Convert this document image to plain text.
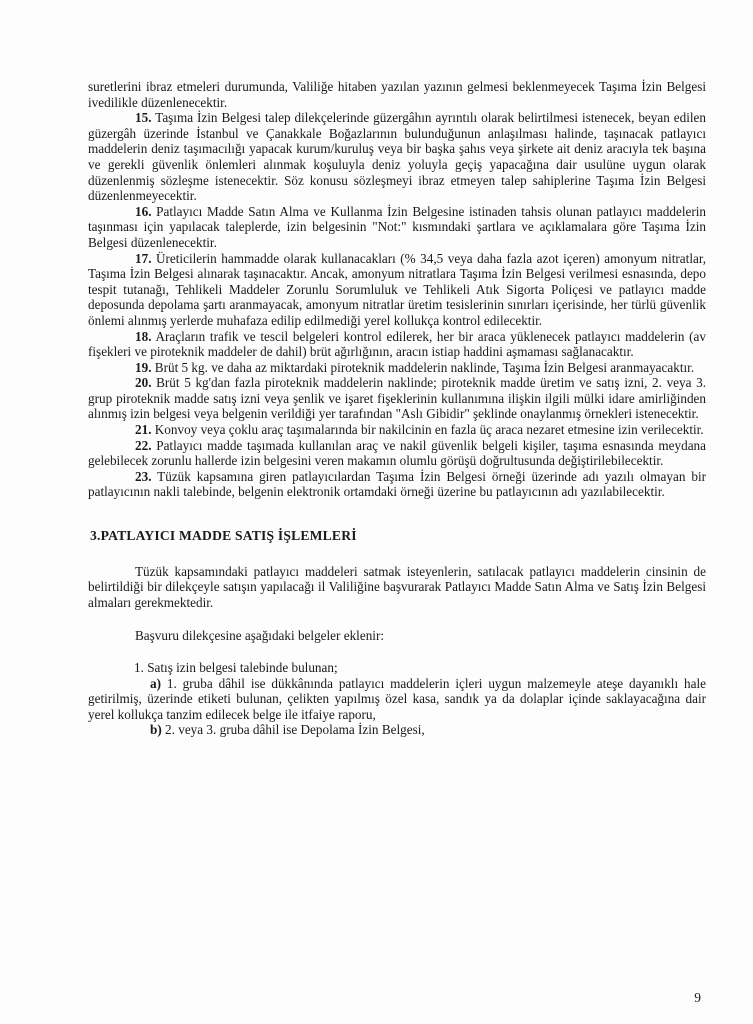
suretlerini ibraz etmeleri durumunda, Valiliğe hitaben yazılan yazının gelmesi beklenmeyecek Taşıma İzin Belgesi ivedilikle düzenlenecektir.

15. Taşıma İzin Belgesi talep dilekçelerinde güzergâhın ayrıntılı olarak belirtilmesi istenecek, beyan edilen güzergâh üzerinde İstanbul ve Çanakkale Boğazlarının bulunduğunun anlaşılması halinde, taşınacak patlayıcı maddelerin deniz taşımacılığı yapacak kurum/kuruluş veya bir başka şahıs veya şirkete ait deniz aracıyla tek başına ve gerekli güvenlik önlemleri alınmak koşuluyla deniz yoluyla geçiş yapacağına dair usulüne uygun olarak düzenlenmiş sözleşme istenecektir. Söz konusu sözleşmeyi ibraz etmeyen talep sahiplerine Taşıma İzin Belgesi düzenlenmeyecektir.

16. Patlayıcı Madde Satın Alma ve Kullanma İzin Belgesine istinaden tahsis olunan patlayıcı maddelerin taşınması için yapılacak taleplerde, izin belgesinin "Not:" kısmındaki şartlara ve açıklamalara göre Taşıma İzin Belgesi düzenlenecektir.

17. Üreticilerin hammadde olarak kullanacakları (% 34,5 veya daha fazla azot içeren) amonyum nitratlar, Taşıma İzin Belgesi alınarak taşınacaktır. Ancak, amonyum nitratlara Taşıma İzin Belgesi verilmesi esnasında, depo tespit tutanağı, Tehlikeli Maddeler Zorunlu Sorumluluk ve Tehlikeli Atık Sigorta Poliçesi ve patlayıcı madde deposunda depolama şartı aranmayacak, amonyum nitratlar üretim tesislerinin sınırları içerisinde, her türlü güvenlik önlemi alınmış yerlerde muhafaza edilip edilmediği yerel kollukça kontrol edilecektir.

18. Araçların trafik ve tescil belgeleri kontrol edilerek, her bir araca yüklenecek patlayıcı maddelerin (av fişekleri ve piroteknik maddeler de dahil) brüt ağırlığının, aracın istiap haddini aşmaması sağlanacaktır.

19. Brüt 5 kg. ve daha az miktardaki piroteknik maddelerin naklinde, Taşıma İzin Belgesi aranmayacaktır.

20. Brüt 5 kg'dan fazla piroteknik maddelerin naklinde; piroteknik madde üretim ve satış izni, 2. veya 3. grup piroteknik madde satış izni veya şenlik ve işaret fişeklerinin kullanımına ilişkin ilgili mülki idare amirliğinden alınmış izin belgesi veya belgenin verildiği yer tarafından "Aslı Gibidir" şeklinde onaylanmış örnekleri istenecektir.

21. Konvoy veya çoklu araç taşımalarında bir nakilcinin en fazla üç araca nezaret etmesine izin verilecektir.

22. Patlayıcı madde taşımada kullanılan araç ve nakil güvenlik belgeli kişiler, taşıma esnasında meydana gelebilecek zorunlu hallerde izin belgesini veren makamın olumlu görüşü doğrultusunda değiştirilebilecektir.

23. Tüzük kapsamına giren patlayıcılardan Taşıma İzin Belgesi örneği üzerinde adı yazılı olmayan bir patlayıcının nakli talebinde, belgenin elektronik ortamdaki örneği üzerine bu patlayıcının adı yazılabilecektir.

3.PATLAYICI MADDE SATIŞ İŞLEMLERİ

Tüzük kapsamındaki patlayıcı maddeleri satmak isteyenlerin, satılacak patlayıcı maddelerin cinsinin de belirtildiği bir dilekçeyle satışın yapılacağı il Valiliğine başvurarak Patlayıcı Madde Satın Alma ve Satış İzin Belgesi almaları gerekmektedir.

Başvuru dilekçesine aşağıdaki belgeler eklenir:

1. Satış izin belgesi talebinde bulunan;

a) 1. gruba dâhil ise dükkânında patlayıcı maddelerin içleri uygun malzemeyle ateşe dayanıklı hale getirilmiş, üzerinde etiketi bulunan, çelikten yapılmış özel kasa, sandık ya da dolaplar içinde saklayacağına dair yerel kollukça tanzim edilecek belge ile itfaiye raporu,

b) 2. veya 3. gruba dâhil ise Depolama İzin Belgesi,

9
